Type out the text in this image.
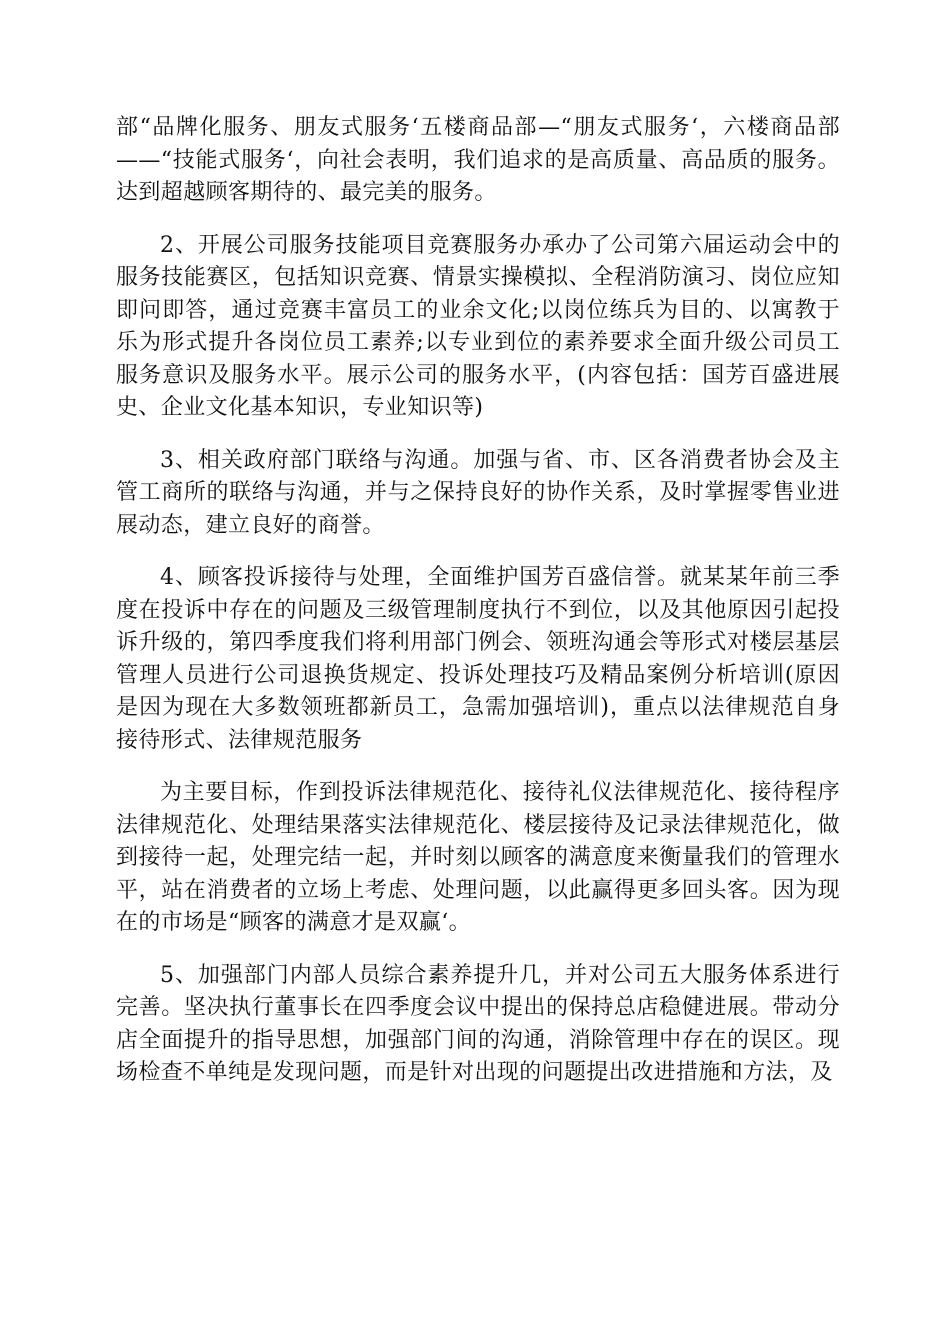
部“品牌化服务、朋友式服务‘五楼商品部—“朋友式服务‘，六楼商品部——“技能式服务‘，向社会表明，我们追求的是高质量、高品质的服务。达到超越顾客期待的、最完美的服务。

2、开展公司服务技能项目竞赛服务办承办了公司第六届运动会中的服务技能赛区，包括知识竞赛、情景实操模拟、全程消防演习、岗位应知即问即答，通过竞赛丰富员工的业余文化;以岗位练兵为目的、以寓教于乐为形式提升各岗位员工素养;以专业到位的素养要求全面升级公司员工服务意识及服务水平。展示公司的服务水平，(内容包括：国芳百盛进展史、企业文化基本知识，专业知识等)

3、相关政府部门联络与沟通。加强与省、市、区各消费者协会及主管工商所的联络与沟通，并与之保持良好的协作关系，及时掌握零售业进展动态，建立良好的商誉。

4、顾客投诉接待与处理，全面维护国芳百盛信誉。就某某年前三季度在投诉中存在的问题及三级管理制度执行不到位，以及其他原因引起投诉升级的，第四季度我们将利用部门例会、领班沟通会等形式对楼层基层管理人员进行公司退换货规定、投诉处理技巧及精品案例分析培训(原因是因为现在大多数领班都新员工，急需加强培训)，重点以法律规范自身接待形式、法律规范服务

为主要目标，作到投诉法律规范化、接待礼仪法律规范化、接待程序法律规范化、处理结果落实法律规范化、楼层接待及记录法律规范化，做到接待一起，处理完结一起，并时刻以顾客的满意度来衡量我们的管理水平，站在消费者的立场上考虑、处理问题，以此赢得更多回头客。因为现在的市场是“顾客的满意才是双赢‘。

5、加强部门内部人员综合素养提升几，并对公司五大服务体系进行完善。坚决执行董事长在四季度会议中提出的保持总店稳健进展。带动分店全面提升的指导思想，加强部门间的沟通，消除管理中存在的误区。现场检查不单纯是发现问题，而是针对出现的问题提出改进措施和方法，及
